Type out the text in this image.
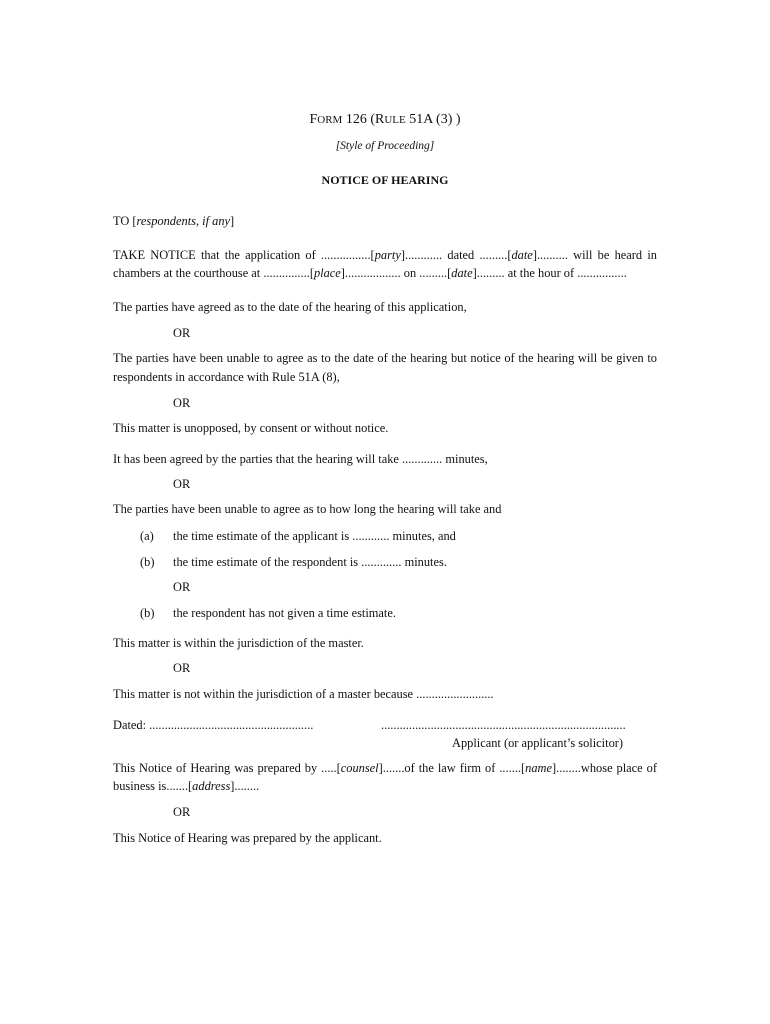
FORM 126 (RULE 51A (3) )
[Style of Proceeding]
NOTICE OF HEARING
TO [respondents, if any]
TAKE NOTICE that the application of ................[party]............ dated .........[date].......... will be heard in
chambers at the courthouse at ...............[place].................. on .........[date]......... at the hour of ................
The parties have agreed as to the date of the hearing of this application,
OR
The parties have been unable to agree as to the date of the hearing but notice of the hearing will be given to
respondents in accordance with Rule 51A (8),
OR
This matter is unopposed, by consent or without notice.
It has been agreed by the parties that the hearing will take ............. minutes,
OR
The parties have been unable to agree as to how long the hearing will take and
(a) the time estimate of the applicant is ............ minutes, and
(b) the time estimate of the respondent is ............. minutes.
OR
(b) the respondent has not given a time estimate.
This matter is within the jurisdiction of the master.
OR
This matter is not within the jurisdiction of a master because .........................
Dated: .....................................................	...............................................................................
Applicant (or applicant’s solicitor)
This Notice of Hearing was prepared by .....[counsel].......of the law firm of .......[name]........whose place of
business is.......[address]........
OR
This Notice of Hearing was prepared by the applicant.
